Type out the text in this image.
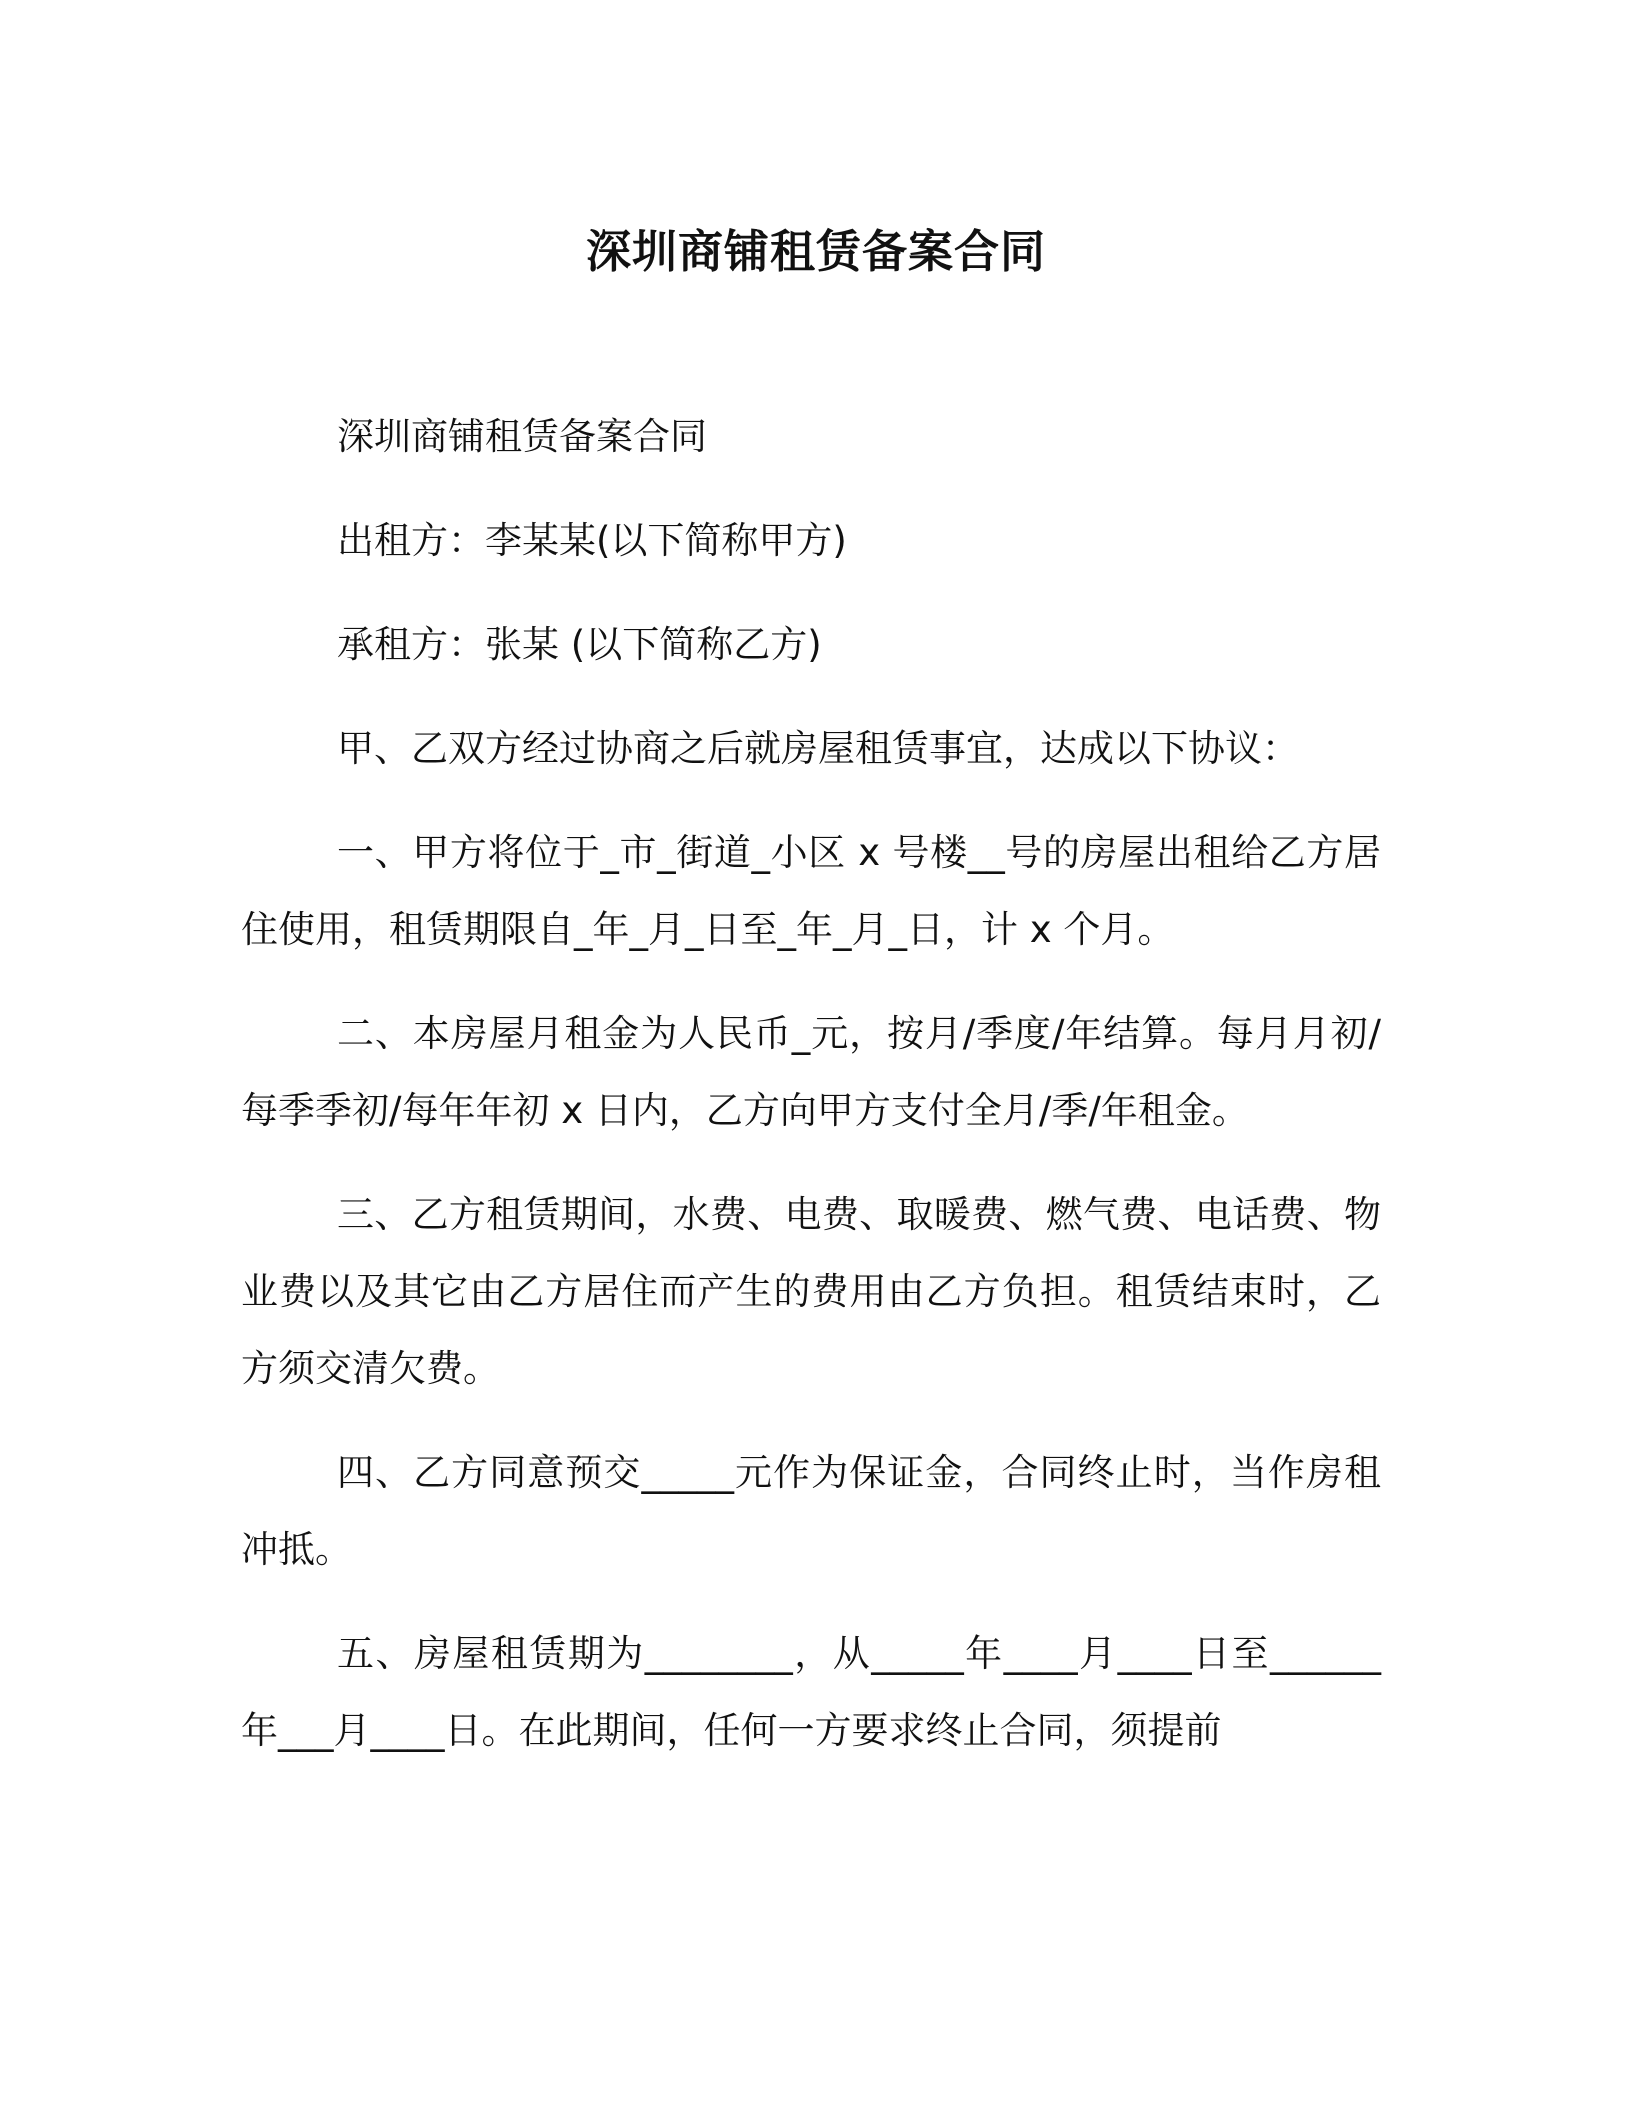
深圳商铺租赁备案合同

深圳商铺租赁备案合同

出租方：李某某(以下简称甲方)

承租方：张某 (以下简称乙方)

甲、乙双方经过协商之后就房屋租赁事宜，达成以下协议：

一、甲方将位于_市_街道_小区 x 号楼__号的房屋出租给乙方居住使用，租赁期限自_年_月_日至_年_月_日，计 x 个月。

二、本房屋月租金为人民币_元，按月/季度/年结算。每月月初/每季季初/每年年初 x 日内，乙方向甲方支付全月/季/年租金。

三、乙方租赁期间，水费、电费、取暖费、燃气费、电话费、物业费以及其它由乙方居住而产生的费用由乙方负担。租赁结束时，乙方须交清欠费。

四、乙方同意预交_____元作为保证金，合同终止时，当作房租冲抵。

五、房屋租赁期为________，从_____年____月____日至______年___月____日。在此期间，任何一方要求终止合同，须提前
